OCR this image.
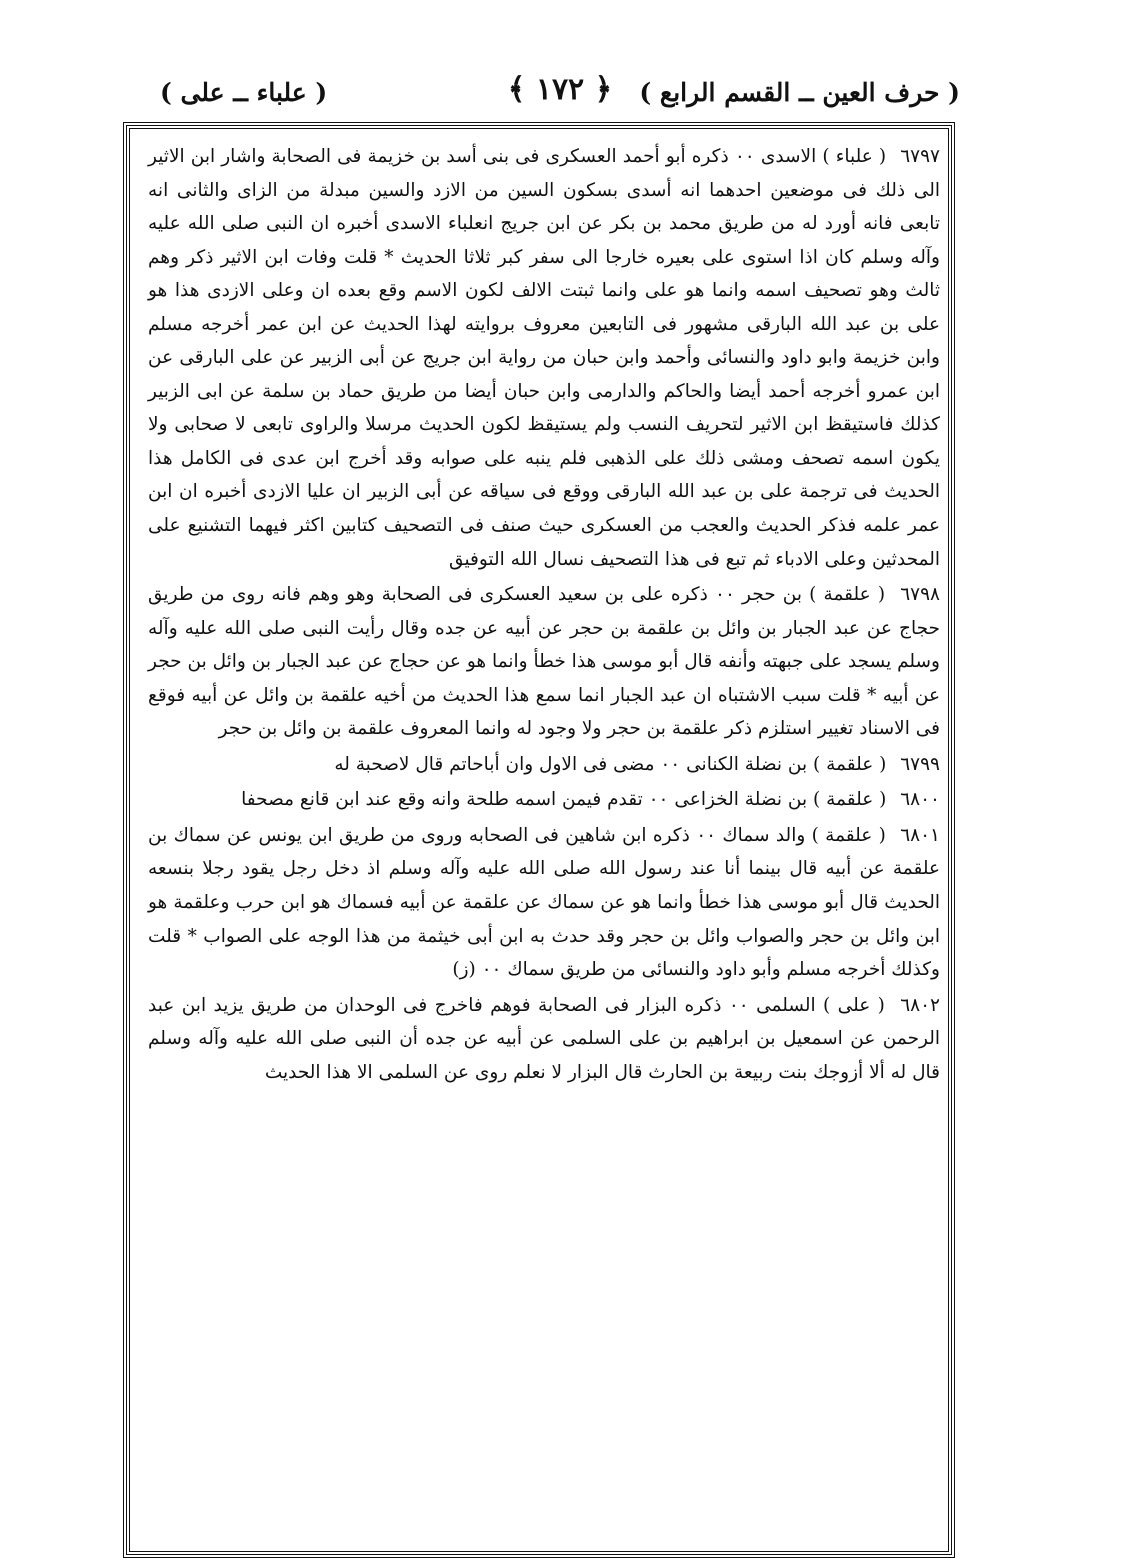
( حرف العين ــ القسم الرابع )
﴿ ١٧٢ ﴾
( علباء ــ على )

٦٧٩٧ ( علباء ) الاسدى ٠٠ ذكره أبو أحمد العسكرى فى بنى أسد بن خزيمة فى الصحابة واشار ابن الاثير الى ذلك فى موضعين احدهما انه أسدى بسكون السين من الازد والسين مبدلة من الزاى والثانى انه تابعى فانه أورد له من طريق محمد بن بكر عن ابن جريج انعلباء الاسدى أخبره ان النبى صلى الله عليه وآله وسلم كان اذا استوى على بعيره خارجا الى سفر كبر ثلاثا الحديث * قلت وفات ابن الاثير ذكر وهم ثالث وهو تصحيف اسمه وانما هو على وانما ثبتت الالف لكون الاسم وقع بعده ان وعلى الازدى هذا هو على بن عبد الله البارقى مشهور فى التابعين معروف بروايته لهذا الحديث عن ابن عمر أخرجه مسلم وابن خزيمة وابو داود والنسائى وأحمد وابن حبان من رواية ابن جريج عن أبى الزبير عن على البارقى عن ابن عمرو أخرجه أحمد أيضا والحاكم والدارمى وابن حبان أيضا من طريق حماد بن سلمة عن ابى الزبير كذلك فاستيقظ ابن الاثير لتحريف النسب ولم يستيقظ لكون الحديث مرسلا والراوى تابعى لا صحابى ولا يكون اسمه تصحف ومشى ذلك على الذهبى فلم ينبه على صوابه وقد أخرج ابن عدى فى الكامل هذا الحديث فى ترجمة على بن عبد الله البارقى ووقع فى سياقه عن أبى الزبير ان عليا الازدى أخبره ان ابن عمر علمه فذكر الحديث والعجب من العسكرى حيث صنف فى التصحيف كتابين اكثر فيهما التشنيع على المحدثين وعلى الادباء ثم تبع فى هذا التصحيف نسال الله التوفيق

٦٧٩٨ ( علقمة ) بن حجر ٠٠ ذكره على بن سعيد العسكرى فى الصحابة وهو وهم فانه روى من طريق حجاج عن عبد الجبار بن وائل بن علقمة بن حجر عن أبيه عن جده وقال رأيت النبى صلى الله عليه وآله وسلم يسجد على جبهته وأنفه قال أبو موسى هذا خطأ وانما هو عن حجاج عن عبد الجبار بن وائل بن حجر عن أبيه * قلت سبب الاشتباه ان عبد الجبار انما سمع هذا الحديث من أخيه علقمة بن وائل عن أبيه فوقع فى الاسناد تغيير استلزم ذكر علقمة بن حجر ولا وجود له وانما المعروف علقمة بن وائل بن حجر

٦٧٩٩ ( علقمة ) بن نضلة الكنانى ٠٠ مضى فى الاول وان أباحاتم قال لاصحبة له

٦٨٠٠ ( علقمة ) بن نضلة الخزاعى ٠٠ تقدم فيمن اسمه طلحة وانه وقع عند ابن قانع مصحفا

٦٨٠١ ( علقمة ) والد سماك ٠٠ ذكره ابن شاهين فى الصحابه وروى من طريق ابن يونس عن سماك بن علقمة عن أبيه قال بينما أنا عند رسول الله صلى الله عليه وآله وسلم اذ دخل رجل يقود رجلا بنسعه الحديث قال أبو موسى هذا خطأ وانما هو عن سماك عن علقمة عن أبيه فسماك هو ابن حرب وعلقمة هو ابن وائل بن حجر والصواب وائل بن حجر وقد حدث به ابن أبى خيثمة من هذا الوجه على الصواب * قلت وكذلك أخرجه مسلم وأبو داود والنسائى من طريق سماك ٠٠ (ز)

٦٨٠٢ ( على ) السلمى ٠٠ ذكره البزار فى الصحابة فوهم فاخرج فى الوحدان من طريق يزيد ابن عبد الرحمن عن اسمعيل بن ابراهيم بن على السلمى عن أبيه عن جده أن النبى صلى الله عليه وآله وسلم قال له ألا أزوجك بنت ربيعة بن الحارث قال البزار لا نعلم روى عن السلمى الا هذا الحديث
